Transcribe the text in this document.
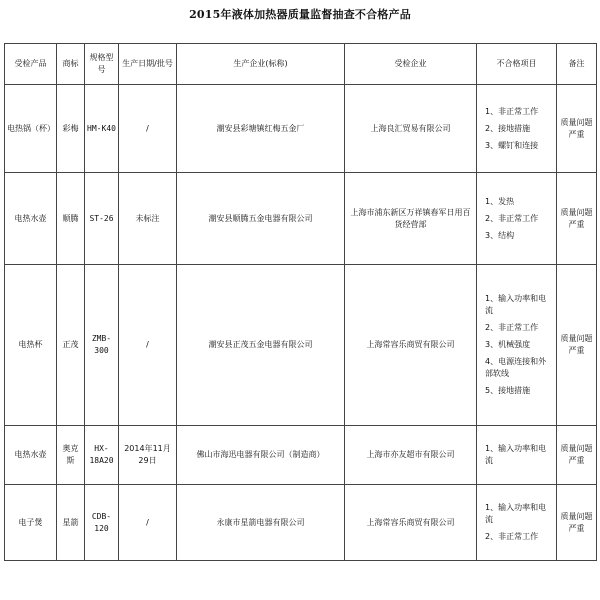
2015年液体加热器质量监督抽查不合格产品
受检产品	商标	规格型号	生产日期/批号	生产企业(标称)	受检企业	不合格项目	备注
电热锅（杯）	彩梅	HM-K40	/	潮安县彩塘镇红梅五金厂	上海良汇贸易有限公司	1、非正常工作
2、接地措施
3、螺钉和连接	质量问题严重
电热水壶	顺腾	ST-26	未标注	潮安县顺腾五金电器有限公司	上海市浦东新区万祥镇春军日用百货经营部	1、发热
2、非正常工作
3、结构	质量问题严重
电热杯	正茂	ZMB-300	/	潮安县正茂五金电器有限公司	上海常容乐商贸有限公司	1、输入功率和电流
2、非正常工作
3、机械强度
4、电源连接和外部软线
5、接地措施	质量问题严重
电热水壶	奥克斯	HX-18A20	2014年11月29日	佛山市海迅电器有限公司（制造商）	上海市亦友超市有限公司	1、输入功率和电流	质量问题严重
电子煲	星箭	CDB-120	/	永康市星箭电器有限公司	上海常容乐商贸有限公司	1、输入功率和电流
2、非正常工作	质量问题严重
